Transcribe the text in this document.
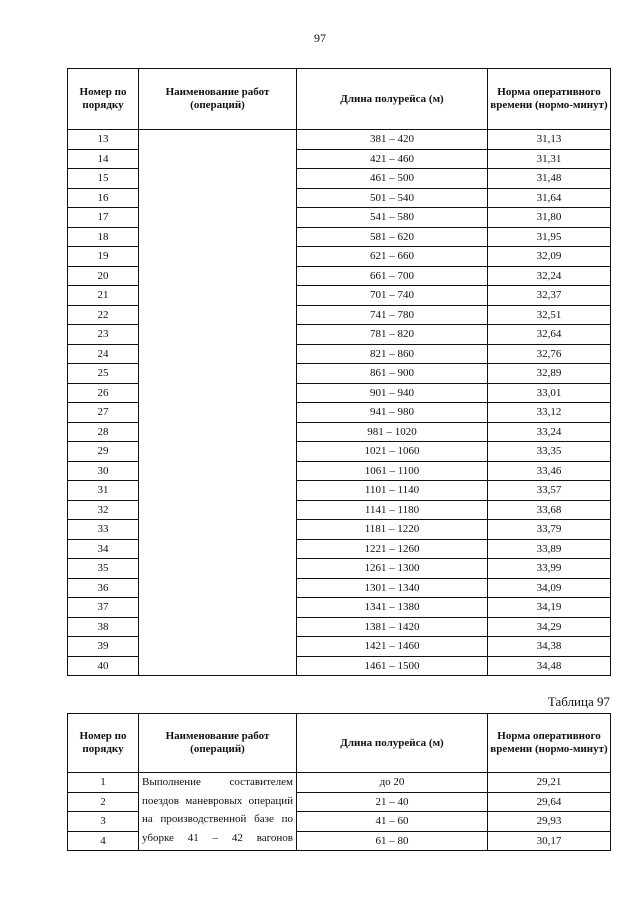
97
Номер по порядку	Наименование работ (операций)	Длина полурейса (м)	Норма оперативного времени (нормо-минут)
13		381 – 420	31,13
14		421 – 460	31,31
15		461 – 500	31,48
16		501 – 540	31,64
17		541 – 580	31,80
18		581 – 620	31,95
19		621 – 660	32,09
20		661 – 700	32,24
21		701 – 740	32,37
22		741 – 780	32,51
23		781 – 820	32,64
24		821 – 860	32,76
25		861 – 900	32,89
26		901 – 940	33,01
27		941 – 980	33,12
28		981 – 1020	33,24
29		1021 – 1060	33,35
30		1061 – 1100	33,46
31		1101 – 1140	33,57
32		1141 – 1180	33,68
33		1181 – 1220	33,79
34		1221 – 1260	33,89
35		1261 – 1300	33,99
36		1301 – 1340	34,09
37		1341 – 1380	34,19
38		1381 – 1420	34,29
39		1421 – 1460	34,38
40		1461 – 1500	34,48
Таблица 97
Номер по порядку	Наименование работ (операций)	Длина полурейса (м)	Норма оперативного времени (нормо-минут)
1	Выполнение составителем поездов маневровых операций на производственной базе по уборке 41 – 42 вагонов	до 20	29,21
2		21 – 40	29,64
3		41 – 60	29,93
4		61 – 80	30,17
